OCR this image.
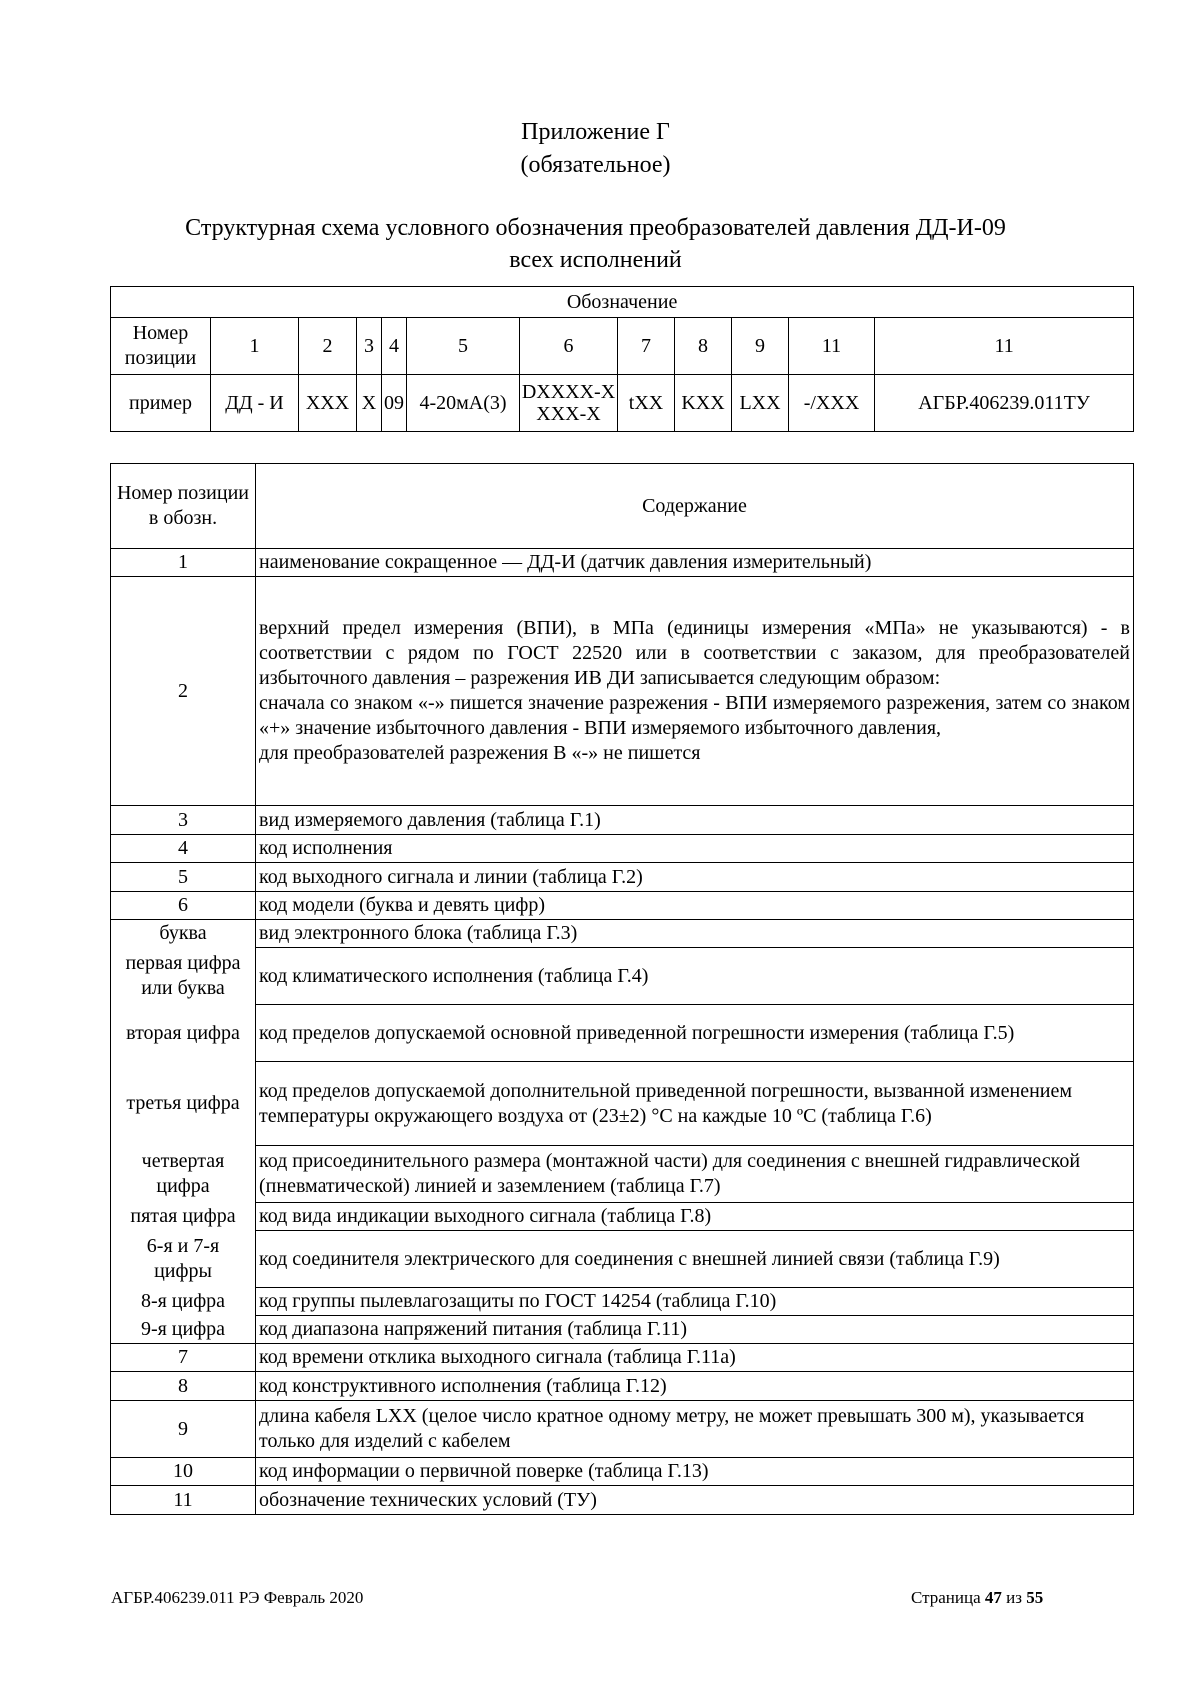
Приложение Г
(обязательное)
Структурная схема условного обозначения преобразователей давления ДД-И-09
всех исполнений
Обозначение											
Номер позиции	1	2	3	4	5	6	7	8	9	11	11
пример	ДД - И	XXX	X	09	4-20мА(3)	DXXXX-XXXX-X	tXX	KXX	LXX	-/XXX	АГБР.406239.011ТУ
Номер позиции в обозн.	Содержание
1	наименование сокращенное — ДД-И (датчик давления измерительный)
2	верхний предел измерения (ВПИ), в МПа (единицы измерения «МПа» не указываются) - в соответствии с рядом по ГОСТ 22520 или в соответствии с заказом, для преобразователей избыточного давления – разрежения ИВ ДИ записывается следующим образом:
сначала со знаком «-» пишется значение разрежения - ВПИ измеряемого разрежения, затем со знаком «+» значение избыточного давления - ВПИ измеряемого избыточного давления,
для преобразователей разрежения В «-» не пишется

3	вид измеряемого давления (таблица Г.1)
4	код исполнения
5	код выходного сигнала и линии (таблица Г.2)
6	код модели (буква и девять цифр)
буква	вид электронного блока (таблица Г.3)
первая цифра или буква	код климатического исполнения (таблица Г.4)
вторая цифра	код пределов допускаемой основной приведенной погрешности измерения (таблица Г.5)
третья цифра	код пределов допускаемой дополнительной приведенной погрешности, вызванной изменением температуры окружающего воздуха от (23±2) °С на каждые 10 ºС (таблица Г.6)
четвертая цифра	код присоединительного размера (монтажной части) для соединения с внешней гидравлической (пневматической) линией и заземлением (таблица Г.7)
пятая цифра	код вида индикации выходного сигнала (таблица Г.8)
6-я и 7-я цифры	код соединителя электрического для соединения с внешней линией связи (таблица Г.9)
8-я цифра	код группы пылевлагозащиты по ГОСТ 14254 (таблица Г.10)
9-я цифра	код диапазона напряжений питания (таблица Г.11)
7	код времени отклика выходного сигнала (таблица Г.11а)
8	код конструктивного исполнения (таблица Г.12)
9	длина кабеля LXX (целое число кратное одному метру, не может превышать 300 м), указывается только для изделий с кабелем
10	код информации о первичной поверке (таблица Г.13)
11	обозначение технических условий (ТУ)
АГБР.406239.011 РЭ Февраль 2020	Страница 47 из 55
